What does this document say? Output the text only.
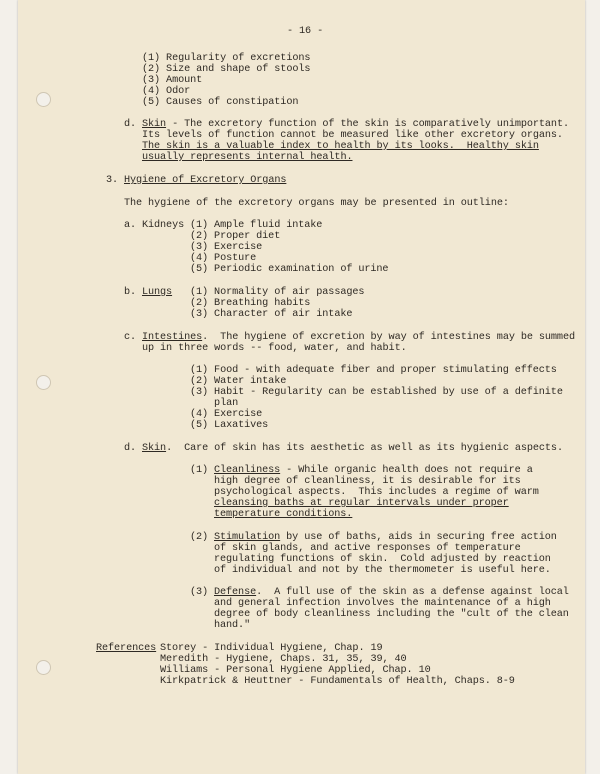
- 16 -
(1) Regularity of excretions
(2) Size and shape of stools
(3) Amount
(4) Odor
(5) Causes of constipation
d. Skin - The excretory function of the skin is comparatively unimportant.
Its levels of function cannot be measured like other excretory organs.
The skin is a valuable index to health by its looks.  Healthy skin
usually represents internal health.
3. Hygiene of Excretory Organs
The hygiene of the excretory organs may be presented in outline:
a. Kidneys (1) Ample fluid intake
(2) Proper diet
(3) Exercise
(4) Posture
(5) Periodic examination of urine
b. Lungs (1) Normality of air passages
(2) Breathing habits
(3) Character of air intake
c. Intestines.  The hygiene of excretion by way of intestines may be summed
up in three words -- food, water, and habit.
(1) Food - with adequate fiber and proper stimulating effects
(2) Water intake
(3) Habit - Regularity can be established by use of a definite
plan
(4) Exercise
(5) Laxatives
d. Skin.  Care of skin has its aesthetic as well as its hygienic aspects.
(1) Cleanliness - While organic health does not require a
high degree of cleanliness, it is desirable for its
psychological aspects.  This includes a regime of warm
cleansing baths at regular intervals under proper
temperature conditions.
(2) Stimulation by use of baths, aids in securing free action
of skin glands, and active responses of temperature
regulating functions of skin.  Cold adjusted by reaction
of individual and not by the thermometer is useful here.
(3) Defense.  A full use of the skin as a defense against local
and general infection involves the maintenance of a high
degree of body cleanliness including the "cult of the clean
hand."
References Storey - Individual Hygiene, Chap. 19
Meredith - Hygiene, Chaps. 31, 35, 39, 40
Williams - Personal Hygiene Applied, Chap. 10
Kirkpatrick & Heuttner - Fundamentals of Health, Chaps. 8-9
